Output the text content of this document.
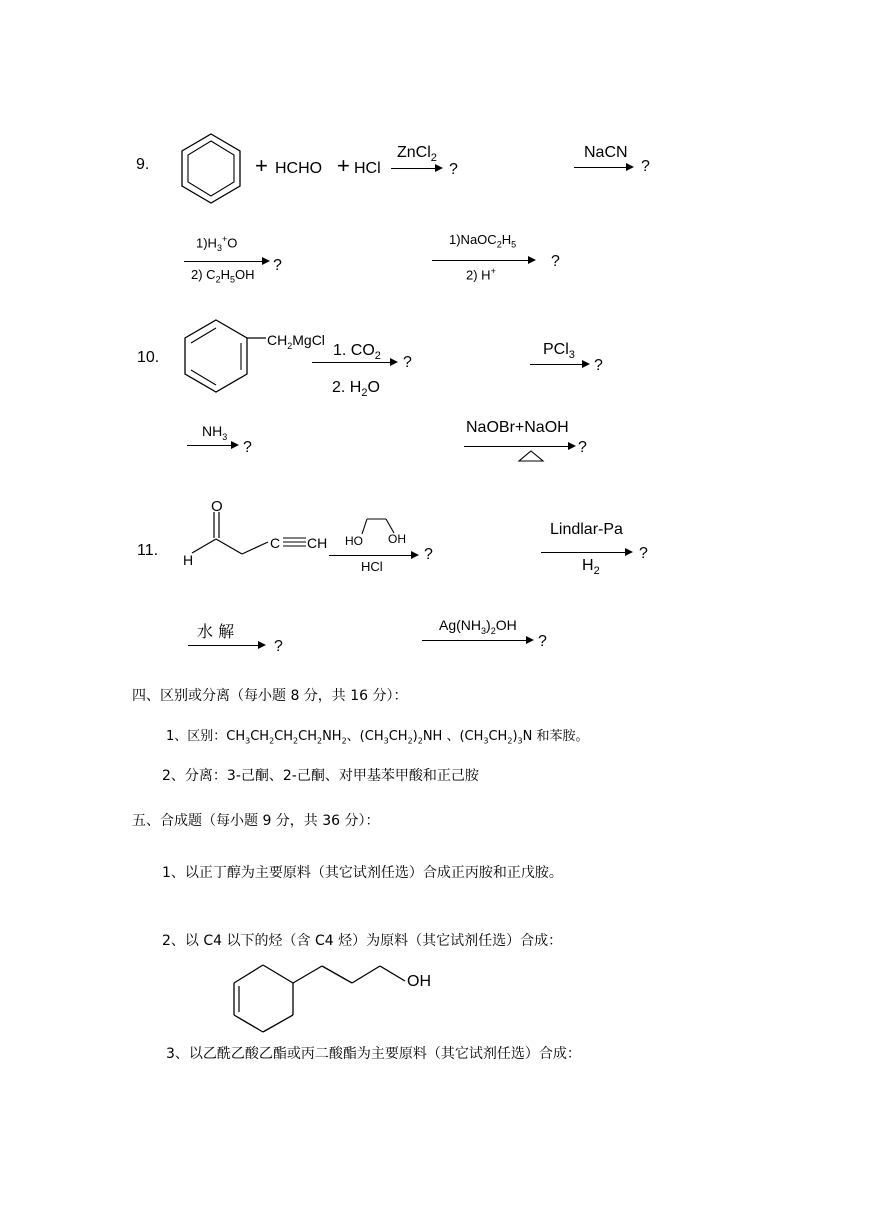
9.	+ HCHO + HCl
ZnCl$_2$
?
NaCN
?
$1)H_3^+O$
2) $C_2H_5OH$
?
$1)NaOC_2H_5$
2) H+
?
10.
$CH_2MgCl$
1. $CO_2$ ?
2. $H_2O$
PCl$_3$
?
$NH_3$
?
NaOBr+NaOH
?
11.
O
H
C CH HO OH
HCl
?
Lindlar-Pa
$H_2$
?
水 解
?
$Ag(NH_3)_2OH$
?
四、区别或分离（每小题 8 分，共 16 分）：
1、区别：$CH_3CH_2CH_2CH_2NH_2$、$(CH_3CH_2)_2NH$ 、$(CH_3CH_2)_3N$ 和苯胺。
2、分离：3-己酮、2-己酮、对甲基苯甲酸和正己胺
五、合成题（每小题 9 分，共 36 分）：
1、以正丁醇为主要原料（其它试剂任选）合成正丙胺和正戊胺。
2、以 C4 以下的烃（含 C4 烃）为原料（其它试剂任选）合成：
OH
3、以乙酰乙酸乙酯或丙二酸酯为主要原料（其它试剂任选）合成：
